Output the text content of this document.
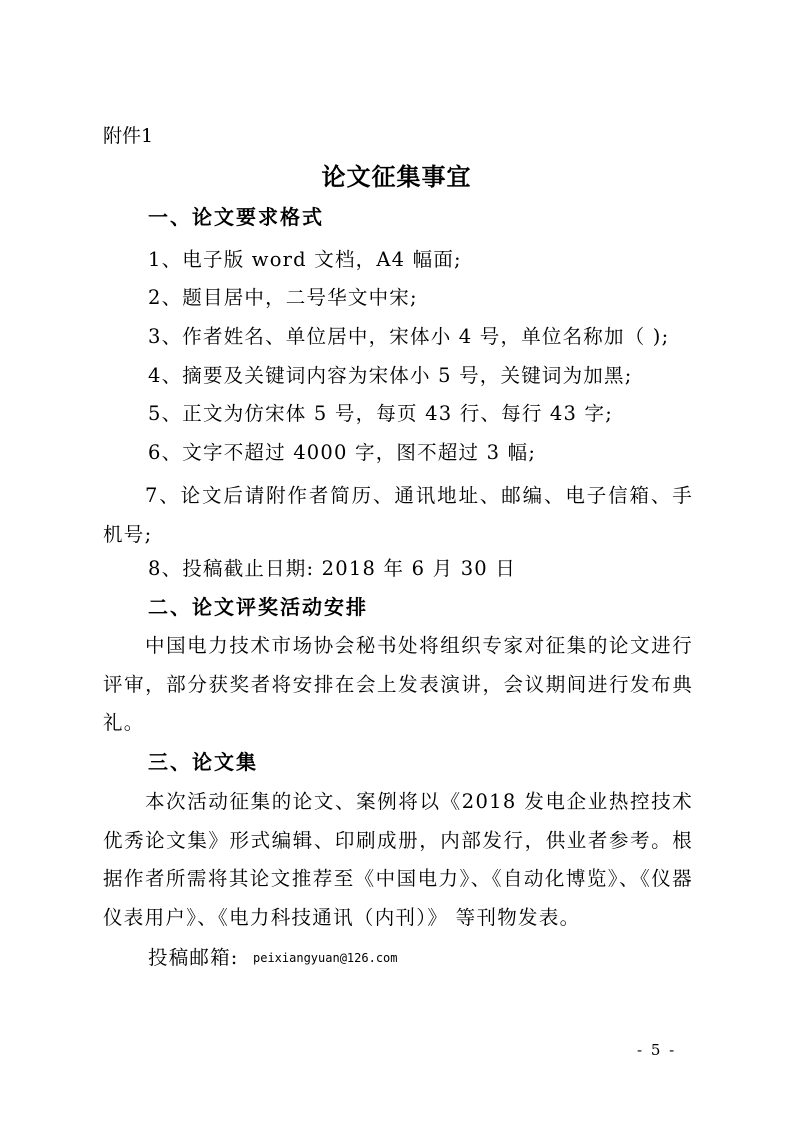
附件1
论文征集事宜
一、论文要求格式
1、电子版 word 文档，A4 幅面;
2、题目居中，二号华文中宋;
3、作者姓名、单位居中，宋体小 4 号，单位名称加（ );
4、摘要及关键词内容为宋体小 5 号，关键词为加黑;
5、正文为仿宋体 5 号，每页 43 行、每行 43 字;
6、文字不超过 4000 字，图不超过 3 幅;
7、论文后请附作者简历、通讯地址、邮编、电子信箱、手机号;
8、投稿截止日期: 2018 年 6 月 30 日
二、论文评奖活动安排
中国电力技术市场协会秘书处将组织专家对征集的论文进行评审，部分获奖者将安排在会上发表演讲，会议期间进行发布典礼。
三、论文集
本次活动征集的论文、案例将以《2018 发电企业热控技术优秀论文集》形式编辑、印刷成册，内部发行，供业者参考。根据作者所需将其论文推荐至《中国电力》、《自动化博览》、《仪器仪表用户》、《电力科技通讯（内刊）》 等刊物发表。
投稿邮箱: peixiangyuan@126.com
- 5 -
